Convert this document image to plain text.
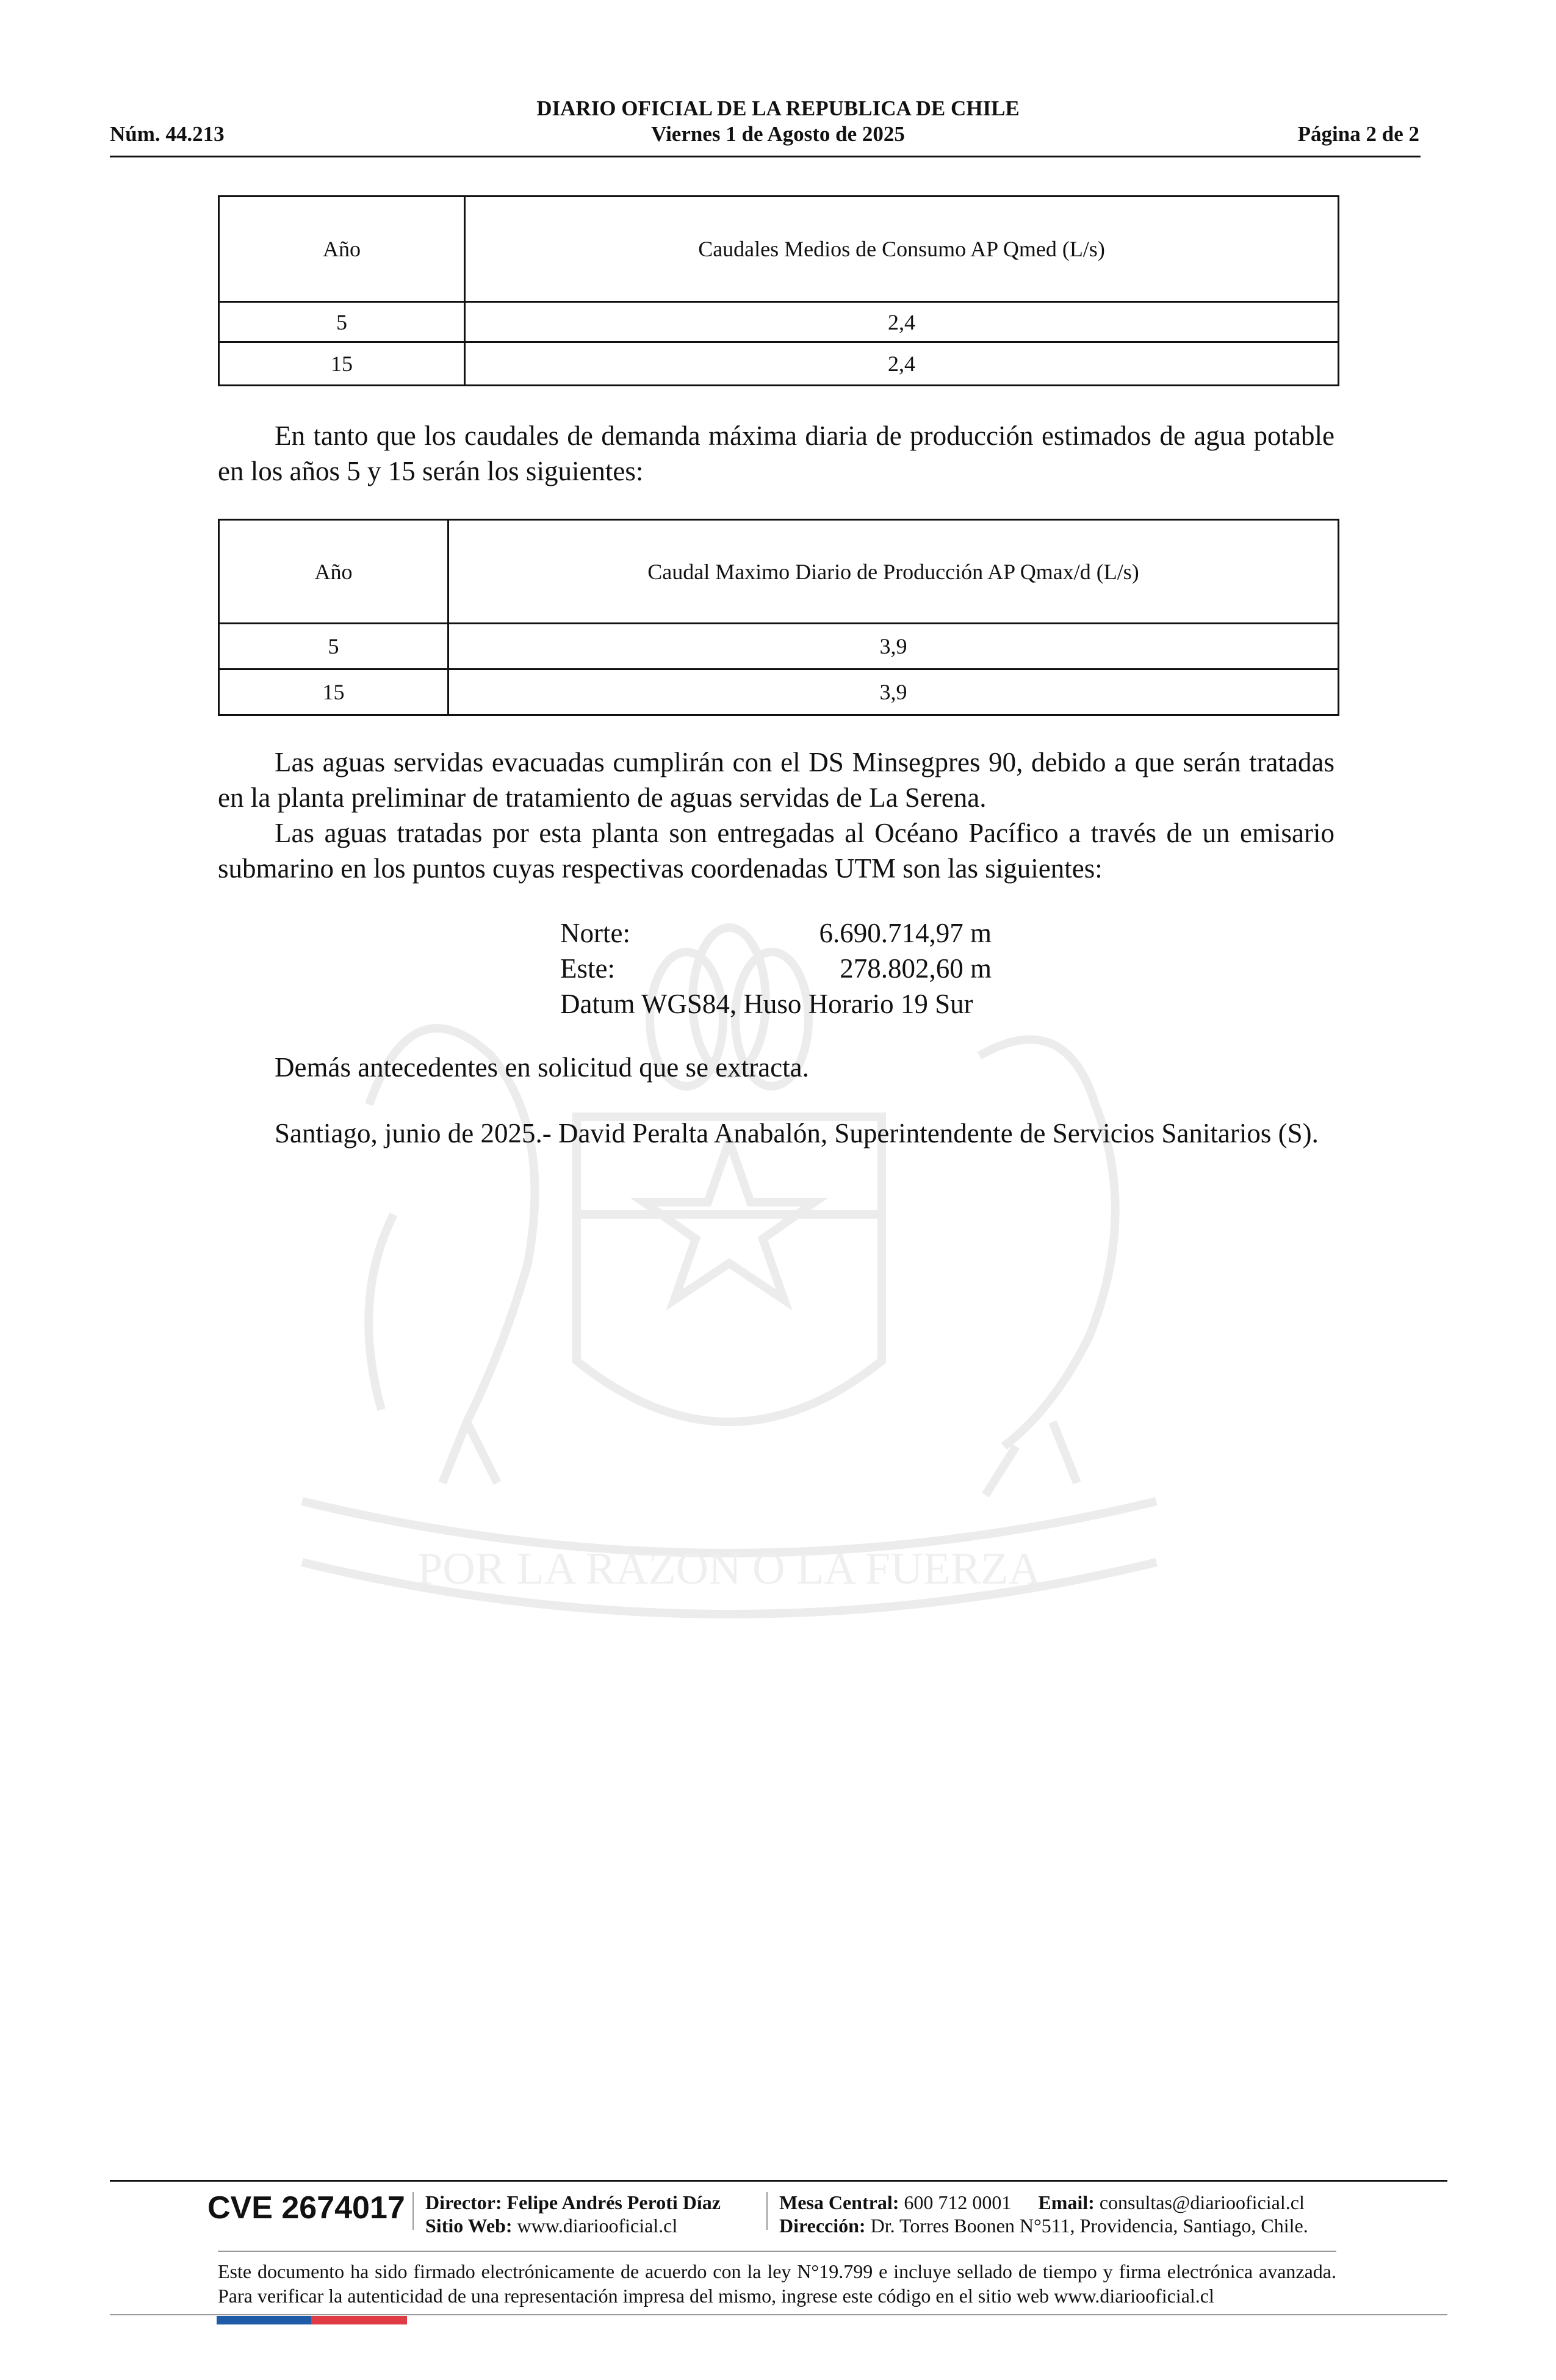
DIARIO OFICIAL DE LA REPUBLICA DE CHILE
Viernes 1 de Agosto de 2025
Núm. 44.213	Página 2 de 2
POR LA RAZON O LA FUERZA
Año	Caudales Medios de Consumo AP Qmed (L/s)
5	2,4
15	2,4
En tanto que los caudales de demanda máxima diaria de producción estimados de agua potable en los años 5 y 15 serán los siguientes:
Año	Caudal Maximo Diario de Producción AP Qmax/d (L/s)
5	3,9
15	3,9
Las aguas servidas evacuadas cumplirán con el DS Minsegpres 90, debido a que serán tratadas en la planta preliminar de tratamiento de aguas servidas de La Serena.
Las aguas tratadas por esta planta son entregadas al Océano Pacífico a través de un emisario submarino en los puntos cuyas respectivas coordenadas UTM son las siguientes:
Norte:	6.690.714,97 m
Este:	278.802,60 m
Datum WGS84, Huso Horario 19 Sur
Demás antecedentes en solicitud que se extracta.
Santiago, junio de 2025.- David Peralta Anabalón, Superintendente de Servicios Sanitarios (S).
CVE 2674017 Director: Felipe Andrés Peroti Díaz
Sitio Web: www.diariooficial.cl
Mesa Central: 600 712 0001 Email: consultas@diariooficial.cl
Dirección: Dr. Torres Boonen N°511, Providencia, Santiago, Chile.
Este documento ha sido firmado electrónicamente de acuerdo con la ley N°19.799 e incluye sellado de tiempo y firma electrónica avanzada. Para verificar la autenticidad de una representación impresa del mismo, ingrese este código en el sitio web www.diariooficial.cl
